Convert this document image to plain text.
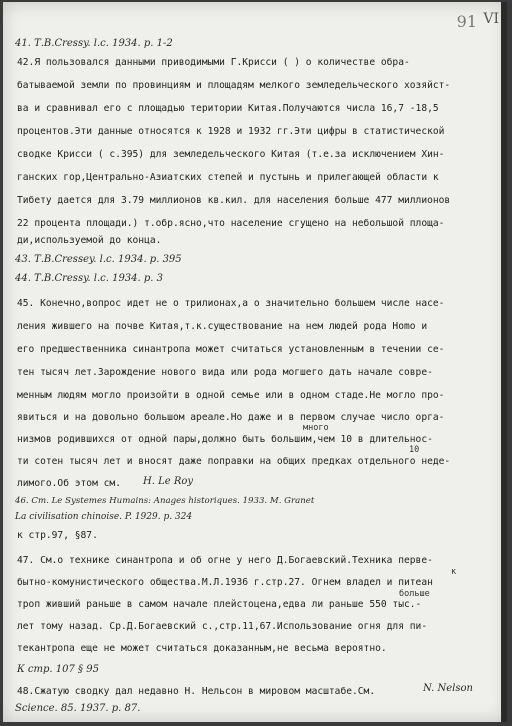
91 VI
41. Т.В.Cressy. l.c. 1934. p. 1-2
42.Я пользовался данными приводимыми Г.Крисси ( ) о количестве обра-
батываемой земли по провинциям и площадям мелкого земледельческого хозяйст-
ва и сравнивал его с площадью територии Китая.Получаются числа 16,7 -18,5
процентов.Эти данные относятся к 1928 и 1932 гг.Эти цифры в статистической
сводке Крисси ( с.395) для земледельческого Китая (т.е.за исключением Хин-
ганских гор,Центрально-Азиатских степей и пустынь и прилегающей области к
Тибету дается для 3.79 миллионов кв.кил. для населения больше 477 миллионов
22 процента площади.) т.обр.ясно,что население сгущено на небольшой площа-
ди,используемой до конца.
43. Т.В.Cressey. l.c. 1934. p. 395
44. Т.В.Cressy. l.c. 1934. p. 3
45. Конечно,вопрос идет не о трилионах,а о значительно большем числе насе-
ления жившего на почве Китая,т.к.существование на нем людей рода Homo и
его предшественника синантропа может считаться установленным в течении се-
тен тысяч лет.Зарождение нового вида или рода могшего дать начале совре-
менным людям могло произойти в одной семье или в одном стаде.Не могло про-
явиться и на довольно большом ареале.Но даже и в первом случае число орга-
много
низмов родившихся от одной пары,должно быть большим,чем 10 в длительнос-
10
ти сотен тысяч лет и вносят даже поправки на общих предках отдельного неде-
лимого.Об этом см. H. Le Roy
46. Cm. Le Systemes Humains: Anages historiques. 1933. M. Granet
La civilisation chinoise. P. 1929. p. 324
к стр.97, §87.
47. См.о технике синантропа и об огне у него Д.Богаевский.Техника перве-
к
бытно-комунистического общества.М.Л.1936 г.стр.27. Огнем владел и питеан
больше
троп живший раньше в самом начале плейстоцена,едва ли раньше 550 тыс.-
лет тому назад. Ср.Д.Богаевский с.,стр.11,67.Использование огня для пи-
текантропа еще не может считаться доказанным,не весьма вероятно.
К стр. 107 § 95
48.Сжатую сводку дал недавно Н. Нельсон в мировом масштабе.См.	N. Nelson
Science. 85. 1937. p. 87.
